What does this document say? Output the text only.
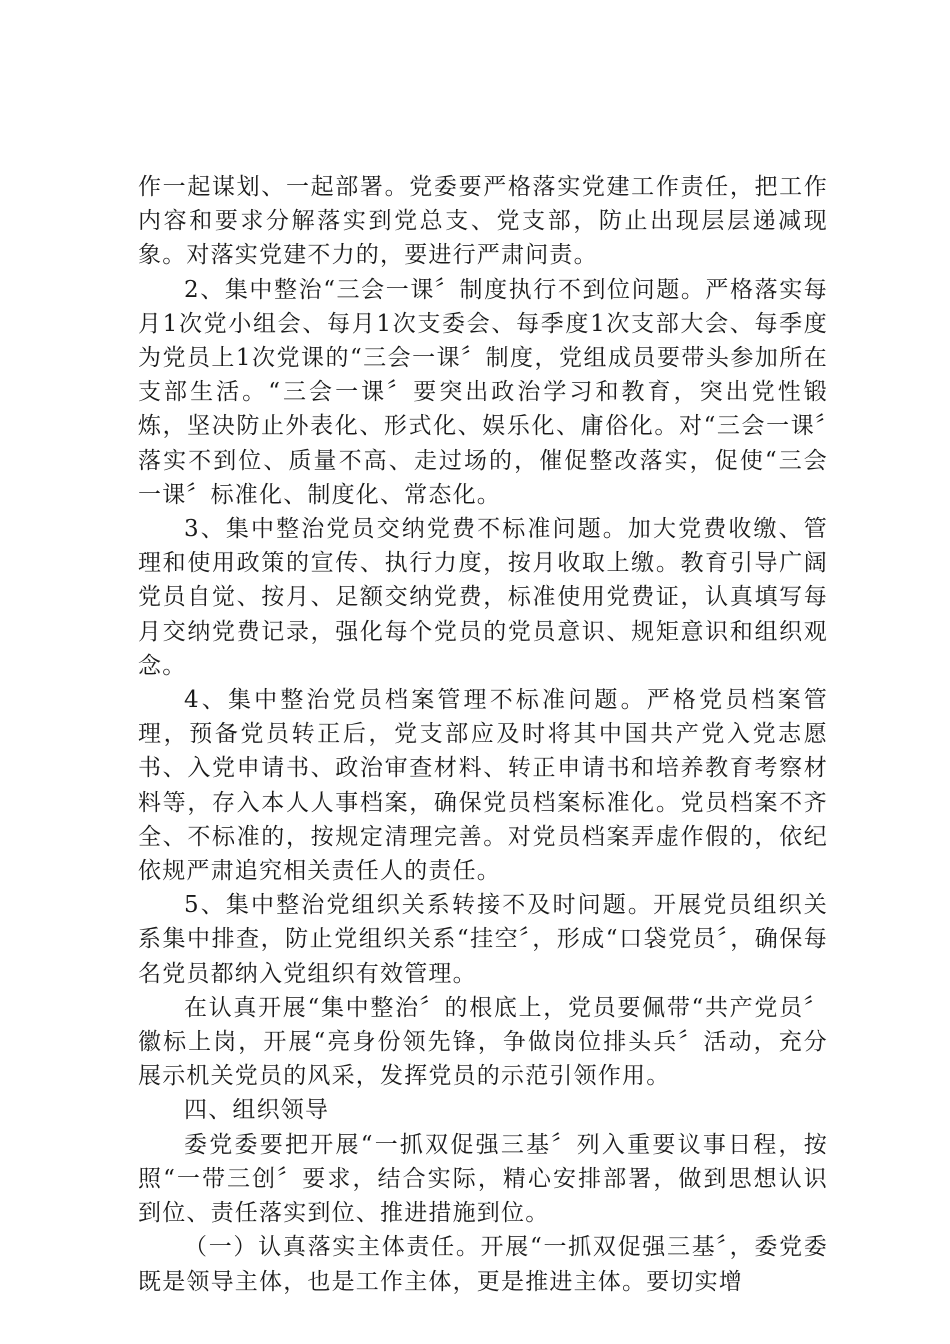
作一起谋划、一起部署。党委要严格落实党建工作责任，把工作内容和要求分解落实到党总支、党支部，防止出现层层递减现象。对落实党建不力的，要进行严肃问责。

2、集中整治“三会一课〞制度执行不到位问题。严格落实每月1次党小组会、每月1次支委会、每季度1次支部大会、每季度为党员上1次党课的“三会一课〞制度，党组成员要带头参加所在支部生活。“三会一课〞要突出政治学习和教育，突出党性锻炼，坚决防止外表化、形式化、娱乐化、庸俗化。对“三会一课〞落实不到位、质量不高、走过场的，催促整改落实，促使“三会一课〞标准化、制度化、常态化。

3、集中整治党员交纳党费不标准问题。加大党费收缴、管理和使用政策的宣传、执行力度，按月收取上缴。教育引导广阔党员自觉、按月、足额交纳党费，标准使用党费证，认真填写每月交纳党费记录，强化每个党员的党员意识、规矩意识和组织观念。

4、集中整治党员档案管理不标准问题。严格党员档案管理，预备党员转正后，党支部应及时将其中国共产党入党志愿书、入党申请书、政治审查材料、转正申请书和培养教育考察材料等，存入本人人事档案，确保党员档案标准化。党员档案不齐全、不标准的，按规定清理完善。对党员档案弄虚作假的，依纪依规严肃追究相关责任人的责任。

5、集中整治党组织关系转接不及时问题。开展党员组织关系集中排查，防止党组织关系“挂空〞，形成“口袋党员〞，确保每名党员都纳入党组织有效管理。

在认真开展“集中整治〞的根底上，党员要佩带“共产党员〞徽标上岗，开展“亮身份领先锋，争做岗位排头兵〞活动，充分展示机关党员的风采，发挥党员的示范引领作用。

四、组织领导

委党委要把开展“一抓双促强三基〞列入重要议事日程，按照“一带三创〞要求，结合实际，精心安排部署，做到思想认识到位、责任落实到位、推进措施到位。

（一）认真落实主体责任。开展“一抓双促强三基〞，委党委既是领导主体，也是工作主体，更是推进主体。要切实增
